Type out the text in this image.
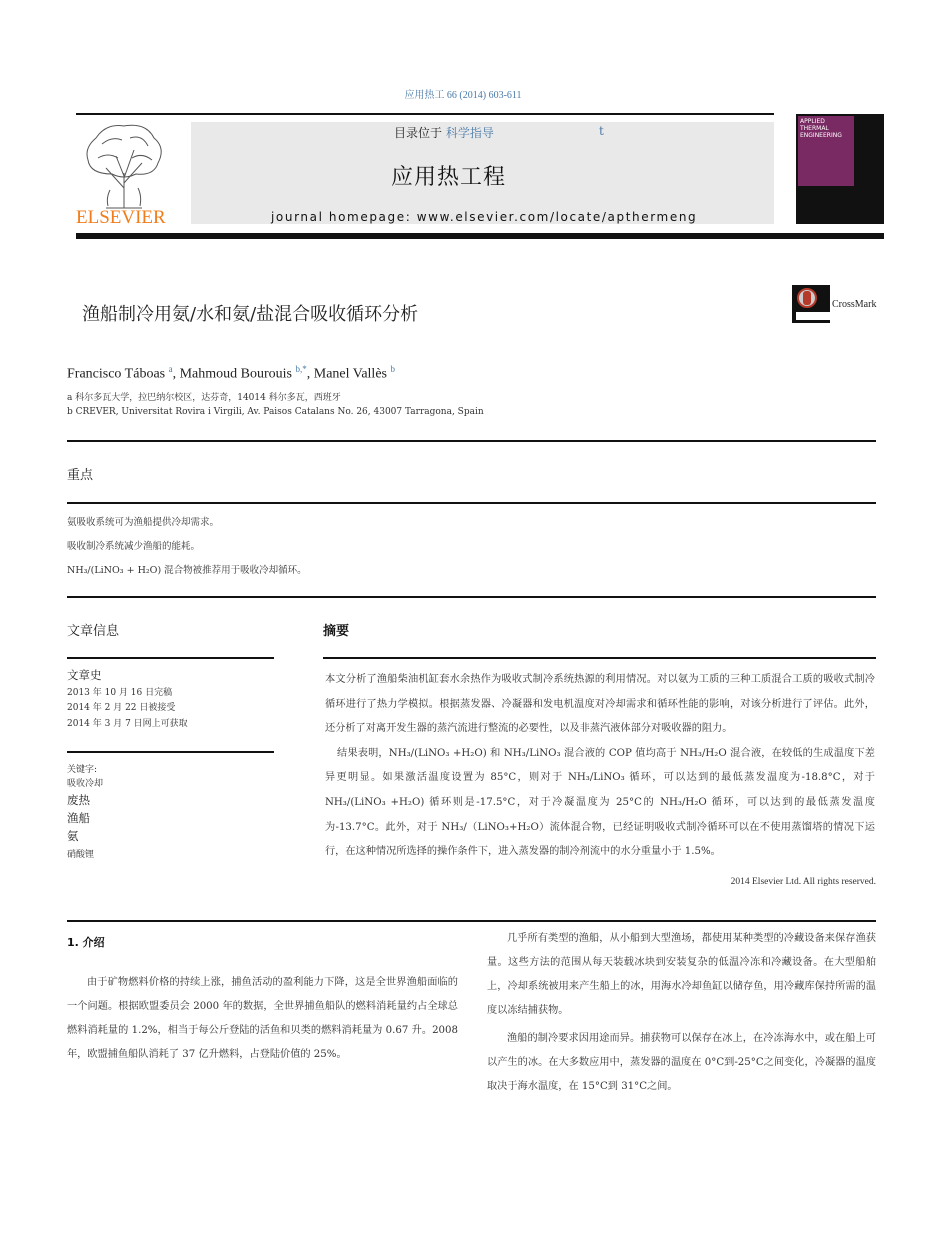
应用热工 66 (2014) 603-611
ELSEVIER
目录位于 科学指导	t
应用热工程
journal homepage: www.elsevier.com/locate/apthermeng
APPLIED THERMAL ENGINEERING
渔船制冷用氨/水和氨/盐混合吸收循环分析	CrossMark
Francisco Táboas $^a$, Mahmoud Bourouis $^{b,*}$, Manel Vallès $^b$
a 科尔多瓦大学，拉巴纳尔校区，达芬奇，14014 科尔多瓦，西班牙
b CREVER, Universitat Rovira i Virgili, Av. Paisos Catalans No. 26, 43007 Tarragona, Spain
重点
氨吸收系统可为渔船提供冷却需求。
吸收制冷系统减少渔船的能耗。
NH₃/(LiNO₃ + H₂O) 混合物被推荐用于吸收冷却循环。
文章信息	摘要
文章史
2013 年 10 月 16 日完稿
2014 年 2 月 22 日被接受
2014 年 3 月 7 日网上可获取
关键字:
吸收冷却
废热
渔船
氨
硝酸锂

本文分析了渔船柴油机缸套水余热作为吸收式制冷系统热源的利用情况。对以氨为工质的三种工质混合工质的吸收式制冷循环进行了热力学模拟。根据蒸发器、冷凝器和发电机温度对冷却需求和循环性能的影响，对该分析进行了评估。此外，还分析了对离开发生器的蒸汽流进行整流的必要性，以及非蒸汽液体部分对吸收器的阻力。

结果表明，NH₃/(LiNO₃ +H₂O) 和 NH₃/LiNO₃ 混合液的 COP 值均高于 NH₃/H₂O 混合液，在较低的生成温度下差异更明显。如果激活温度设置为 85°C，则对于 NH₃/LiNO₃ 循环，可以达到的最低蒸发温度为-18.8°C，对于 NH₃/(LiNO₃ +H₂O) 循环则是-17.5°C，对于冷凝温度为 25°C的 NH₃/H₂O 循环，可以达到的最低蒸发温度为-13.7°C。此外，对于 NH₃/（LiNO₃+H₂O）流体混合物，已经证明吸收式制冷循环可以在不使用蒸馏塔的情况下运行，在这种情况所选择的操作条件下，进入蒸发器的制冷剂流中的水分重量小于 1.5%。

2014 Elsevier Ltd. All rights reserved.
1. 介绍

由于矿物燃料价格的持续上涨，捕鱼活动的盈利能力下降，这是全世界渔船面临的一个问题。根据欧盟委员会 2000 年的数据，全世界捕鱼船队的燃料消耗量约占全球总燃料消耗量的 1.2%，相当于每公斤登陆的活鱼和贝类的燃料消耗量为 0.67 升。2008 年，欧盟捕鱼船队消耗了 37 亿升燃料，占登陆价值的 25%。

几乎所有类型的渔船，从小船到大型渔场，都使用某种类型的冷藏设备来保存渔获量。这些方法的范围从每天装载冰块到安装复杂的低温冷冻和冷藏设备。在大型船舶上，冷却系统被用来产生船上的冰，用海水冷却鱼缸以储存鱼，用冷藏库保持所需的温度以冻结捕获物。

渔船的制冷要求因用途而异。捕获物可以保存在冰上，在冷冻海水中，或在船上可以产生的冰。在大多数应用中，蒸发器的温度在 0°C到-25°C之间变化，冷凝器的温度取决于海水温度，在 15°C到 31°C之间。
